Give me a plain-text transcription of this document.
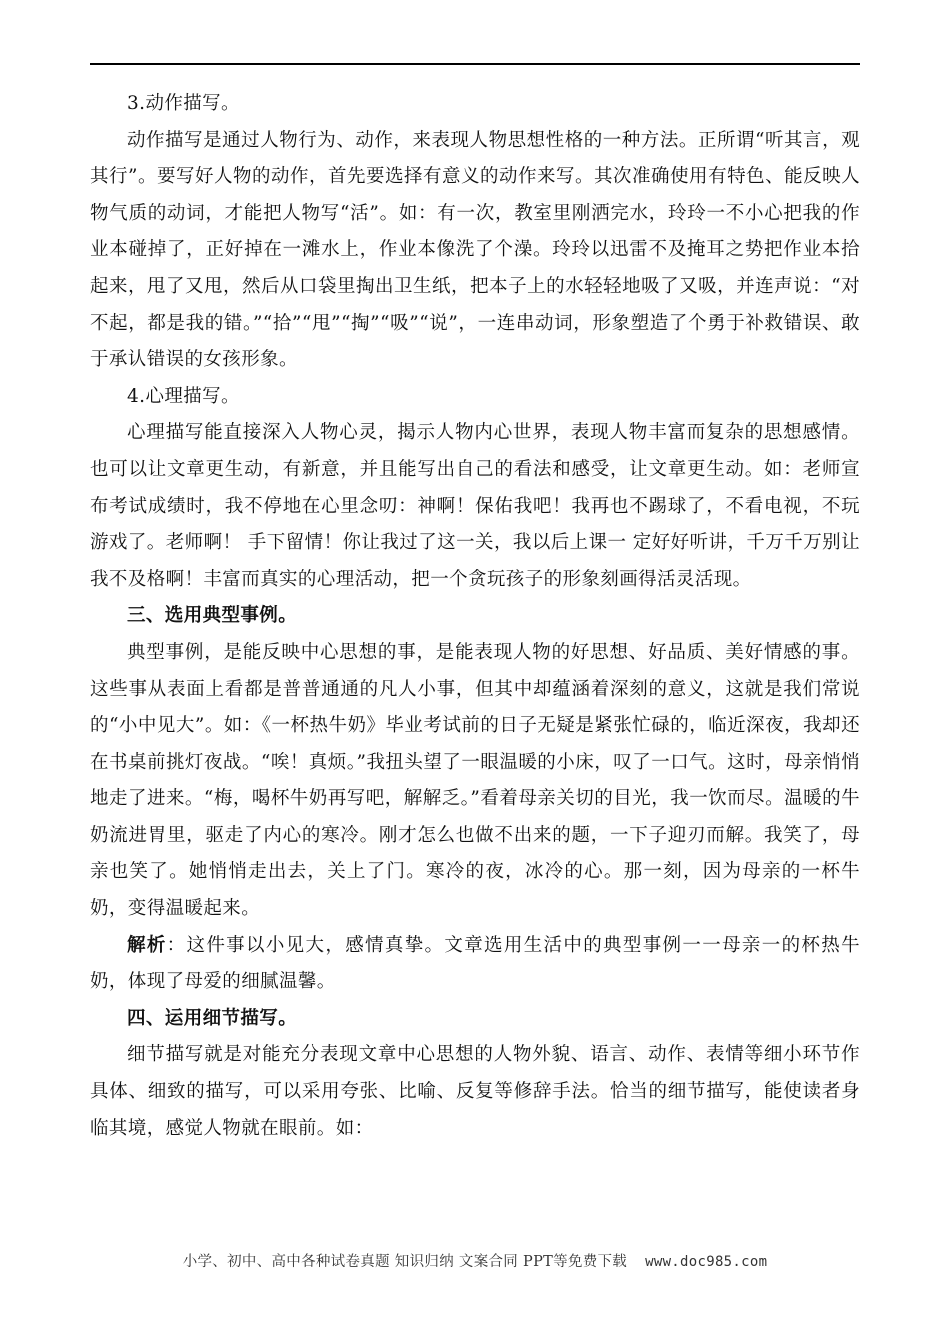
3.动作描写。

动作描写是通过人物行为、动作，来表现人物思想性格的一种方法。正所谓“听其言，观其行”。要写好人物的动作，首先要选择有意义的动作来写。其次准确使用有特色、能反映人物气质的动词，才能把人物写“活”。如：有一次，教室里刚洒完水，玲玲一不小心把我的作业本碰掉了，正好掉在一滩水上，作业本像洗了个澡。玲玲以迅雷不及掩耳之势把作业本拾起来，甩了又甩，然后从口袋里掏出卫生纸，把本子上的水轻轻地吸了又吸，并连声说：“对不起，都是我的错。”“拾”“甩”“掏”“吸”“说”，一连串动词，形象塑造了个勇于补救错误、敢于承认错误的女孩形象。

4.心理描写。

心理描写能直接深入人物心灵，揭示人物内心世界，表现人物丰富而复杂的思想感情。也可以让文章更生动，有新意，并且能写出自己的看法和感受，让文章更生动。如：老师宣布考试成绩时，我不停地在心里念叨：神啊！保佑我吧！我再也不踢球了，不看电视，不玩游戏了。老师啊！ 手下留情！你让我过了这一关，我以后上课一 定好好听讲，千万千万别让我不及格啊！丰富而真实的心理活动，把一个贪玩孩子的形象刻画得活灵活现。

三、选用典型事例。

典型事例，是能反映中心思想的事，是能表现人物的好思想、好品质、美好情感的事。这些事从表面上看都是普普通通的凡人小事，但其中却蕴涵着深刻的意义，这就是我们常说的“小中见大”。如：《一杯热牛奶》毕业考试前的日子无疑是紧张忙碌的，临近深夜，我却还在书桌前挑灯夜战。“唉！真烦。”我扭头望了一眼温暖的小床，叹了一口气。这时，母亲悄悄地走了进来。“梅，喝杯牛奶再写吧，解解乏。”看着母亲关切的目光，我一饮而尽。温暖的牛奶流进胃里，驱走了内心的寒冷。刚才怎么也做不出来的题，一下子迎刃而解。我笑了，母亲也笑了。她悄悄走出去，关上了门。寒冷的夜，冰冷的心。那一刻，因为母亲的一杯牛奶，变得温暖起来。

解析：这件事以小见大，感情真挚。文章选用生活中的典型事例一一母亲一的杯热牛奶，体现了母爱的细腻温馨。

四、运用细节描写。

细节描写就是对能充分表现文章中心思想的人物外貌、语言、动作、表情等细小环节作具体、细致的描写，可以采用夸张、比喻、反复等修辞手法。恰当的细节描写，能使读者身临其境，感觉人物就在眼前。如：

小学、初中、高中各种试卷真题 知识归纳 文案合同 PPT等免费下载 www.doc985.com
